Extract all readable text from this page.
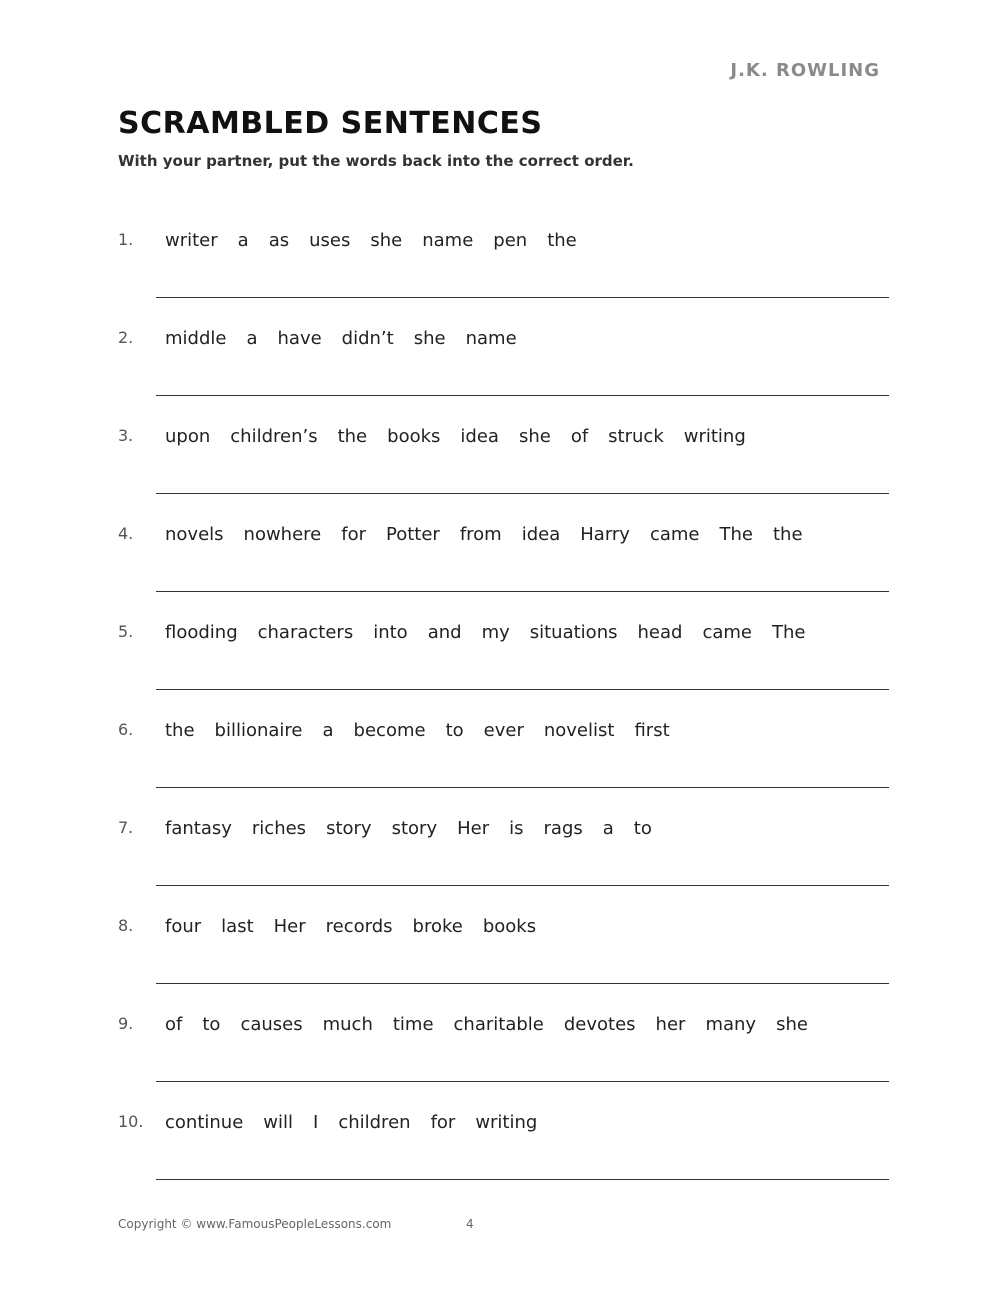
J.K. ROWLING
SCRAMBLED SENTENCES
With your partner, put the words back into the correct order.
1. writer a as uses she name pen the
2. middle a have didn’t she name
3. upon children’s the books idea she of struck writing
4. novels nowhere for Potter from idea Harry came The the
5. flooding characters into and my situations head came The
6. the billionaire a become to ever novelist first
7. fantasy riches story story Her is rags a to
8. four last Her records broke books
9. of to causes much time charitable devotes her many she
10. continue will I children for writing
Copyright © www.FamousPeopleLessons.com	4
